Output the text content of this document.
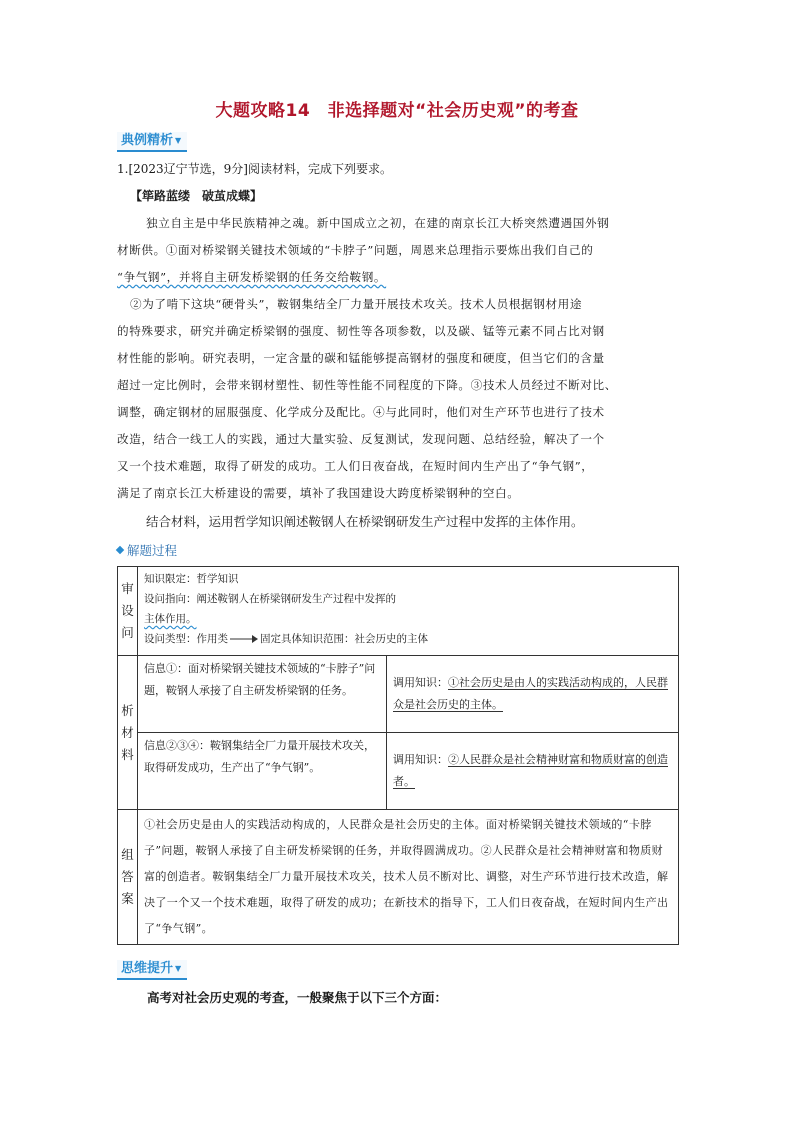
大题攻略14　非选择题对“社会历史观”的考查
典例精析 ▼
1.[2023辽宁节选，9分]阅读材料，完成下列要求。
【筚路蓝缕　破茧成蝶】
独立自主是中华民族精神之魂。新中国成立之初，在建的南京长江大桥突然遭遇国外钢
材断供。①面对桥梁钢关键技术领域的“卡脖子”问题，周恩来总理指示要炼出我们自己的
“争气钢”，并将自主研发桥梁钢的任务交给鞍钢。
②为了啃下这块“硬骨头”，鞍钢集结全厂力量开展技术攻关。技术人员根据钢材用途
的特殊要求，研究并确定桥梁钢的强度、韧性等各项参数，以及碳、锰等元素不同占比对钢
材性能的影响。研究表明，一定含量的碳和锰能够提高钢材的强度和硬度，但当它们的含量
超过一定比例时，会带来钢材塑性、韧性等性能不同程度的下降。③技术人员经过不断对比、
调整，确定钢材的屈服强度、化学成分及配比。④与此同时，他们对生产环节也进行了技术
改造，结合一线工人的实践，通过大量实验、反复测试，发现问题、总结经验，解决了一个
又一个技术难题，取得了研发的成功。工人们日夜奋战，在短时间内生产出了“争气钢”，
满足了南京长江大桥建设的需要，填补了我国建设大跨度桥梁钢种的空白。
结合材料，运用哲学知识阐述鞍钢人在桥梁钢研发生产过程中发挥的主体作用。
解题过程
审设问	知识限定：哲学知识
设问指向：阐述鞍钢人在桥梁钢研发生产过程中发挥的
主体作用。
设问类型：作用类 固定具体知识范围：社会历史的主体	

析材料	信息①：面对桥梁钢关键技术领域的“卡脖子”问题，鞍钢人承接了自主研发桥梁钢的任务。	调用知识：①社会历史是由人的实践活动构成的，人民群众是社会历史的主体。
	信息②③④：鞍钢集结全厂力量开展技术攻关，取得研发成功，生产出了“争气钢”。	调用知识：②人民群众是社会精神财富和物质财富的创造者。
组答案	①社会历史是由人的实践活动构成的，人民群众是社会历史的主体。面对桥梁钢关键技术领域的“卡脖子”问题，鞍钢人承接了自主研发桥梁钢的任务，并取得圆满成功。②人民群众是社会精神财富和物质财富的创造者。鞍钢集结全厂力量开展技术攻关，技术人员不断对比、调整，对生产环节进行技术改造，解决了一个又一个技术难题，取得了研发的成功；在新技术的指导下，工人们日夜奋战，在短时间内生产出了“争气钢”。	
思维提升 ▼
高考对社会历史观的考查，一般聚焦于以下三个方面：
